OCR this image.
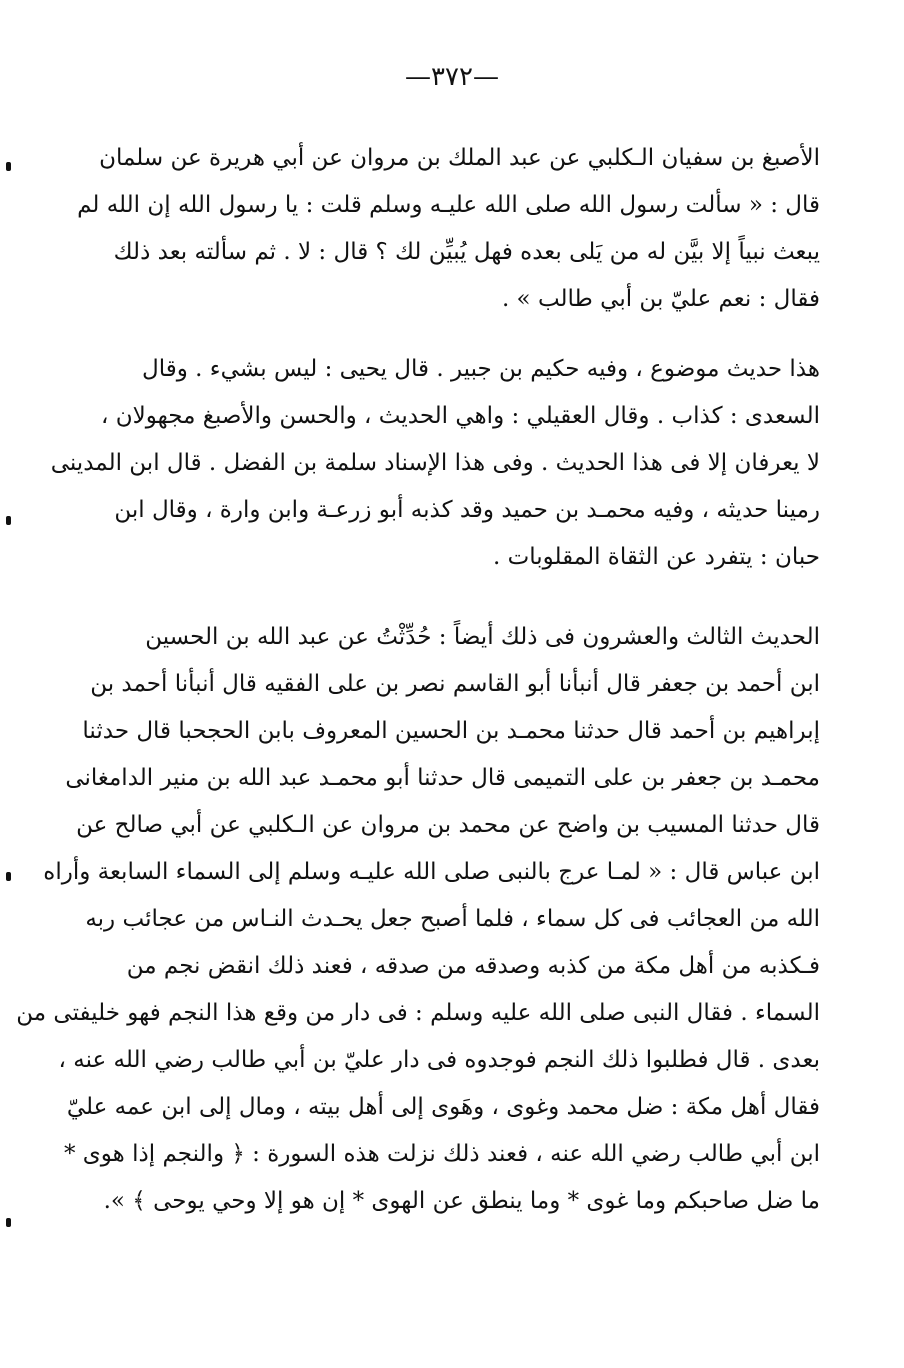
—٣٧٢—
الأصبغ بن سفيان الـكلبي عن عبد الملك بن مروان عن أبي هريرة عن سلمان
قال : « سألت رسول الله صلى الله عليـه وسلم قلت : يا رسول الله إن الله لم
يبعث نبياً إلا بيَّن له من يَلى بعده فهل يُبيِّن لك ؟ قال : لا . ثم سألته بعد ذلك
فقال : نعم عليّ بن أبي طالب » .
هذا حديث موضوع ، وفيه حكيم بن جبير . قال يحيى : ليس بشيء . وقال
السعدى : كذاب . وقال العقيلي : واهي الحديث ، والحسن والأصبغ مجهولان ،
لا يعرفان إلا فى هذا الحديث . وفى هذا الإسناد سلمة بن الفضل . قال ابن المدينى
رمينا حديثه ، وفيه محمـد بن حميد وقد كذبه أبو زرعـة وابن وارة ، وقال ابن
حبان : يتفرد عن الثقاة المقلوبات .
الحديث الثالث والعشرون فى ذلك أيضاً : حُدِّثْتُ عن عبد الله بن الحسين
ابن أحمد بن جعفر قال أنبأنا أبو القاسم نصر بن على الفقيه قال أنبأنا أحمد بن
إبراهيم بن أحمد قال حدثنا محمـد بن الحسين المعروف بابن الحجحبا قال حدثنا
محمـد بن جعفر بن على التميمى قال حدثنا أبو محمـد عبد الله بن منير الدامغانى
قال حدثنا المسيب بن واضح عن محمد بن مروان عن الـكلبي عن أبي صالح عن
ابن عباس قال : « لمـا عرج بالنبى صلى الله عليـه وسلم إلى السماء السابعة وأراه
الله من العجائب فى كل سماء ، فلما أصبح جعل يحـدث النـاس من عجائب ربه
فـكذبه من أهل مكة من كذبه وصدقه من صدقه ، فعند ذلك انقض نجم من
السماء . فقال النبى صلى الله عليه وسلم : فى دار من وقع هذا النجم فهو خليفتى من
بعدى . قال فطلبوا ذلك النجم فوجدوه فى دار عليّ بن أبي طالب رضي الله عنه ،
فقال أهل مكة : ضل محمد وغوى ، وهَوى إلى أهل بيته ، ومال إلى ابن عمه عليّ
ابن أبي طالب رضي الله عنه ، فعند ذلك نزلت هذه السورة : ﴿ والنجم إذا هوى *
ما ضل صاحبكم وما غوى * وما ينطق عن الهوى * إن هو إلا وحي يوحى ﴾ ».
